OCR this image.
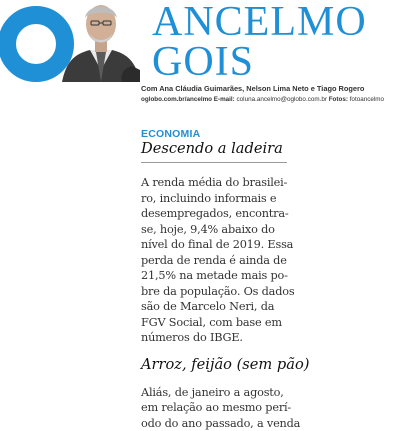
ANCELMO
GOIS
Com Ana Cláudia Guimarães, Nelson Lima Neto e Tiago Rogero
oglobo.com.br/ancelmo E-mail: coluna.ancelmo@oglobo.com.br Fotos: fotoancelmo
ECONOMIA
Descendo a ladeira
A renda média do brasilei-
ro, incluindo informais e
desempregados, encontra-
se, hoje, 9,4% abaixo do
nível do final de 2019. Essa
perda de renda é ainda de
21,5% na metade mais po-
bre da população. Os dados
são de Marcelo Neri, da
FGV Social, com base em
números do IBGE.
Arroz, feijão (sem pão)
Aliás, de janeiro a agosto,
em relação ao mesmo perí-
odo do ano passado, a venda
